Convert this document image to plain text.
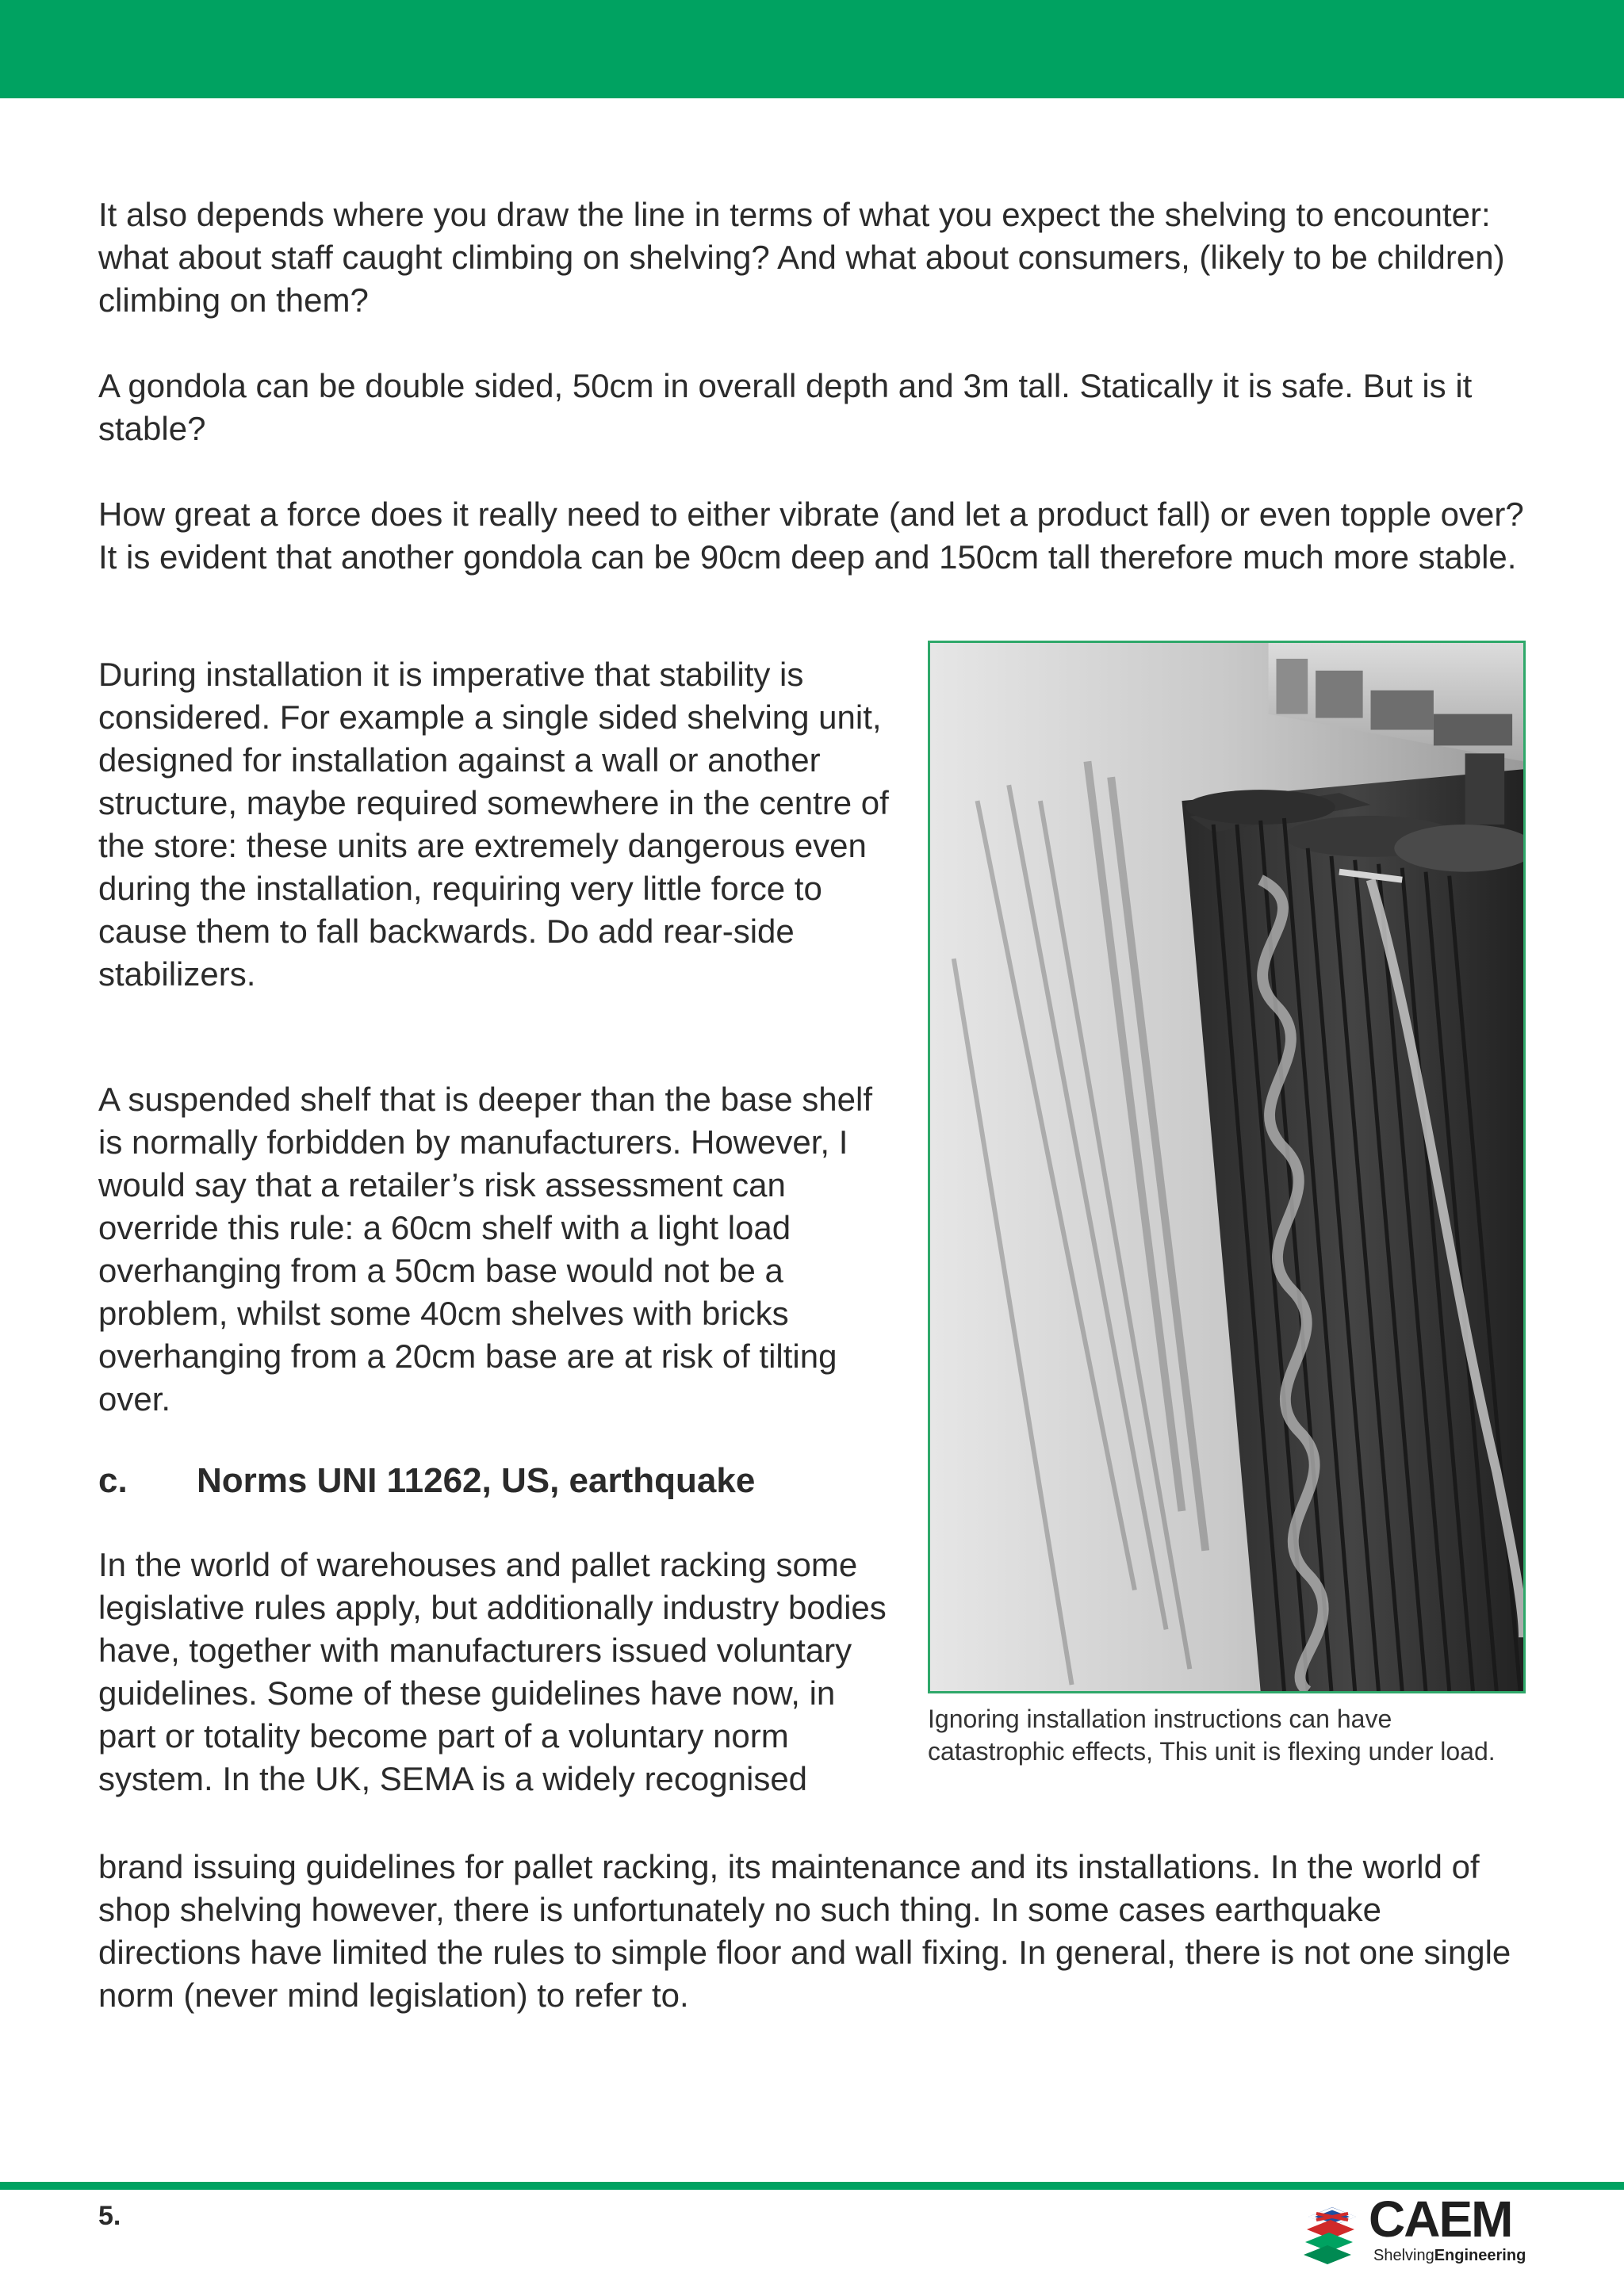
It also depends where you draw the line in terms of what you expect the shelving to encounter: what about staff caught climbing on shelving? And what about consumers, (likely to be children) climbing on them?

A gondola can be double sided, 50cm in overall depth and 3m tall. Statically it is safe. But is it stable?

How great a force does it really need to either vibrate (and let a product fall) or even topple over? It is evident that another gondola can be 90cm deep and 150cm tall therefore much more stable.

During installation it is imperative that stability is considered. For example a single sided shelving unit, designed for installation against a wall or another structure, maybe required somewhere in the centre of the store: these units are extremely dangerous even during the installation, requiring very little force to cause them to fall backwards. Do add rear-side stabilizers.

A suspended shelf that is deeper than the base shelf is normally forbidden by manufacturers. However, I would say that a retailer’s risk assessment can override this rule: a 60cm shelf with a light load overhanging from a 50cm base would not be a problem, whilst some 40cm shelves with bricks overhanging from a 20cm base are at risk of tilting over.

c. Norms UNI 11262, US, earthquake

In the world of warehouses and pallet racking some legislative rules apply, but additionally industry bodies have, together with manufacturers issued voluntary guidelines. Some of these guidelines have now, in part or totality become part of a voluntary norm system. In the UK, SEMA is a widely recognised

brand issuing guidelines for pallet racking, its maintenance and its installations. In the world of shop shelving however, there is unfortunately no such thing. In some cases earthquake directions have limited the rules to simple floor and wall fixing. In general, there is not one single norm (never mind legislation) to refer to.

Ignoring installation instructions can have catastrophic effects, This unit is flexing under load.

5.	CAEM
ShelvingEngineering
